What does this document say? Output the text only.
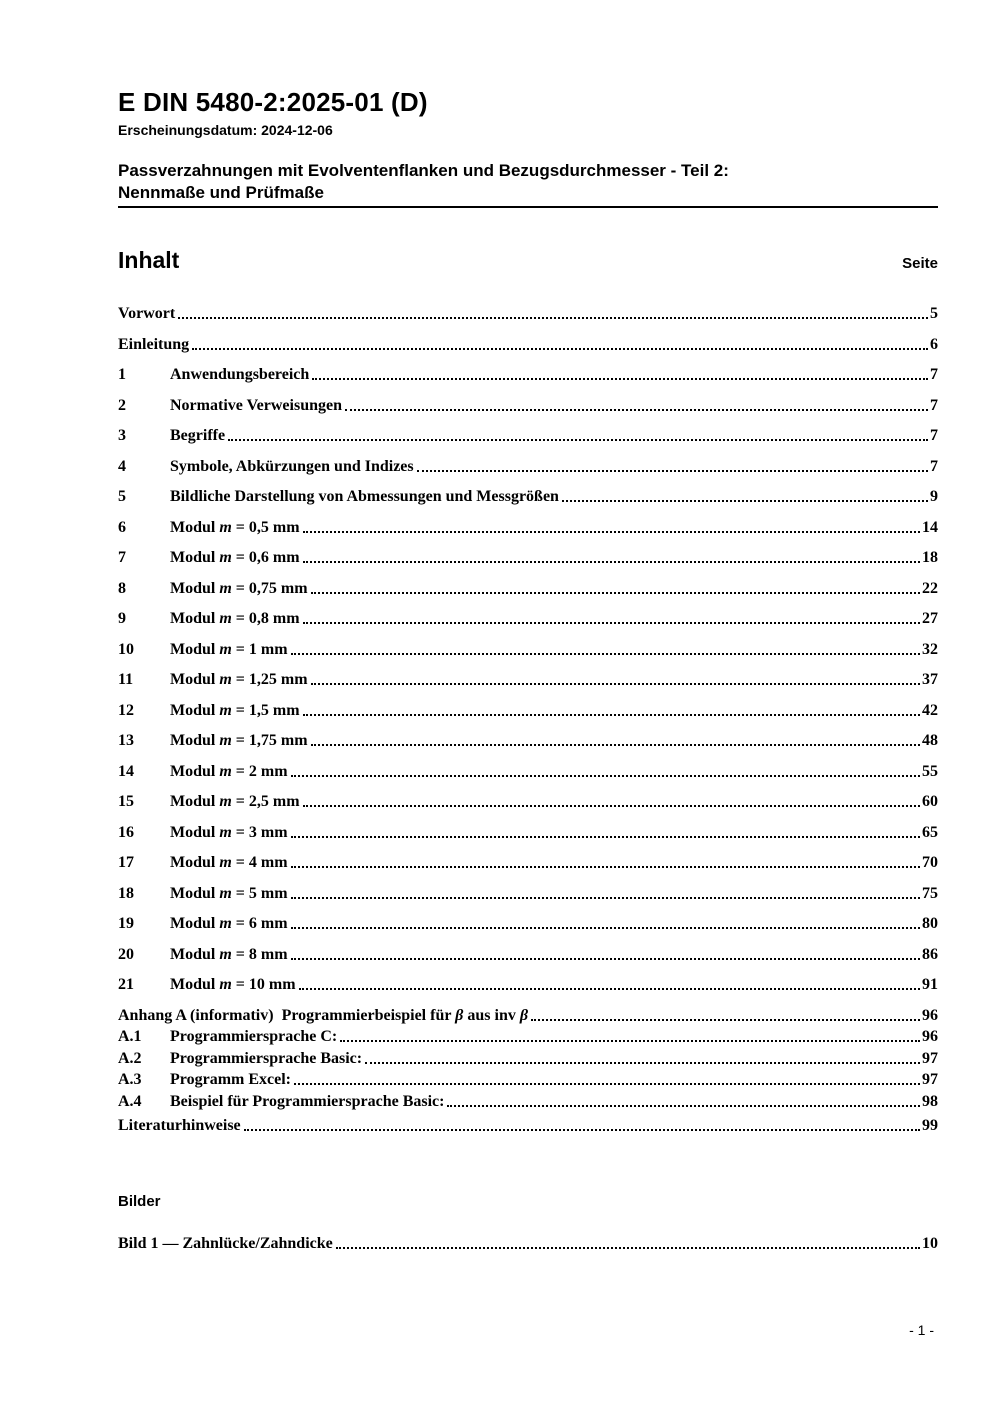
E DIN 5480-2:2025-01 (D)
Erscheinungsdatum: 2024-12-06
Passverzahnungen mit Evolventenflanken und Bezugsdurchmesser - Teil 2:
Nennmaße und Prüfmaße
Inhalt	Seite
Vorwort	5
Einleitung	6
1	Anwendungsbereich	7
2	Normative Verweisungen	7
3	Begriffe	7
4	Symbole, Abkürzungen und Indizes	7
5	Bildliche Darstellung von Abmessungen und Messgrößen	9
6	Modul m = 0,5 mm	14
7	Modul m = 0,6 mm	18
8	Modul m = 0,75 mm	22
9	Modul m = 0,8 mm	27
10	Modul m = 1 mm	32
11	Modul m = 1,25 mm	37
12	Modul m = 1,5 mm	42
13	Modul m = 1,75 mm	48
14	Modul m = 2 mm	55
15	Modul m = 2,5 mm	60
16	Modul m = 3 mm	65
17	Modul m = 4 mm	70
18	Modul m = 5 mm	75
19	Modul m = 6 mm	80
20	Modul m = 8 mm	86
21	Modul m = 10 mm	91
Anhang A (informativ)  Programmierbeispiel für β aus inv β	96
A.1	Programmiersprache C:	96
A.2	Programmiersprache Basic:	97
A.3	Programm Excel:	97
A.4	Beispiel für Programmiersprache Basic:	98
Literaturhinweise	99
Bilder
Bild 1 — Zahnlücke/Zahndicke	10
- 1 -
